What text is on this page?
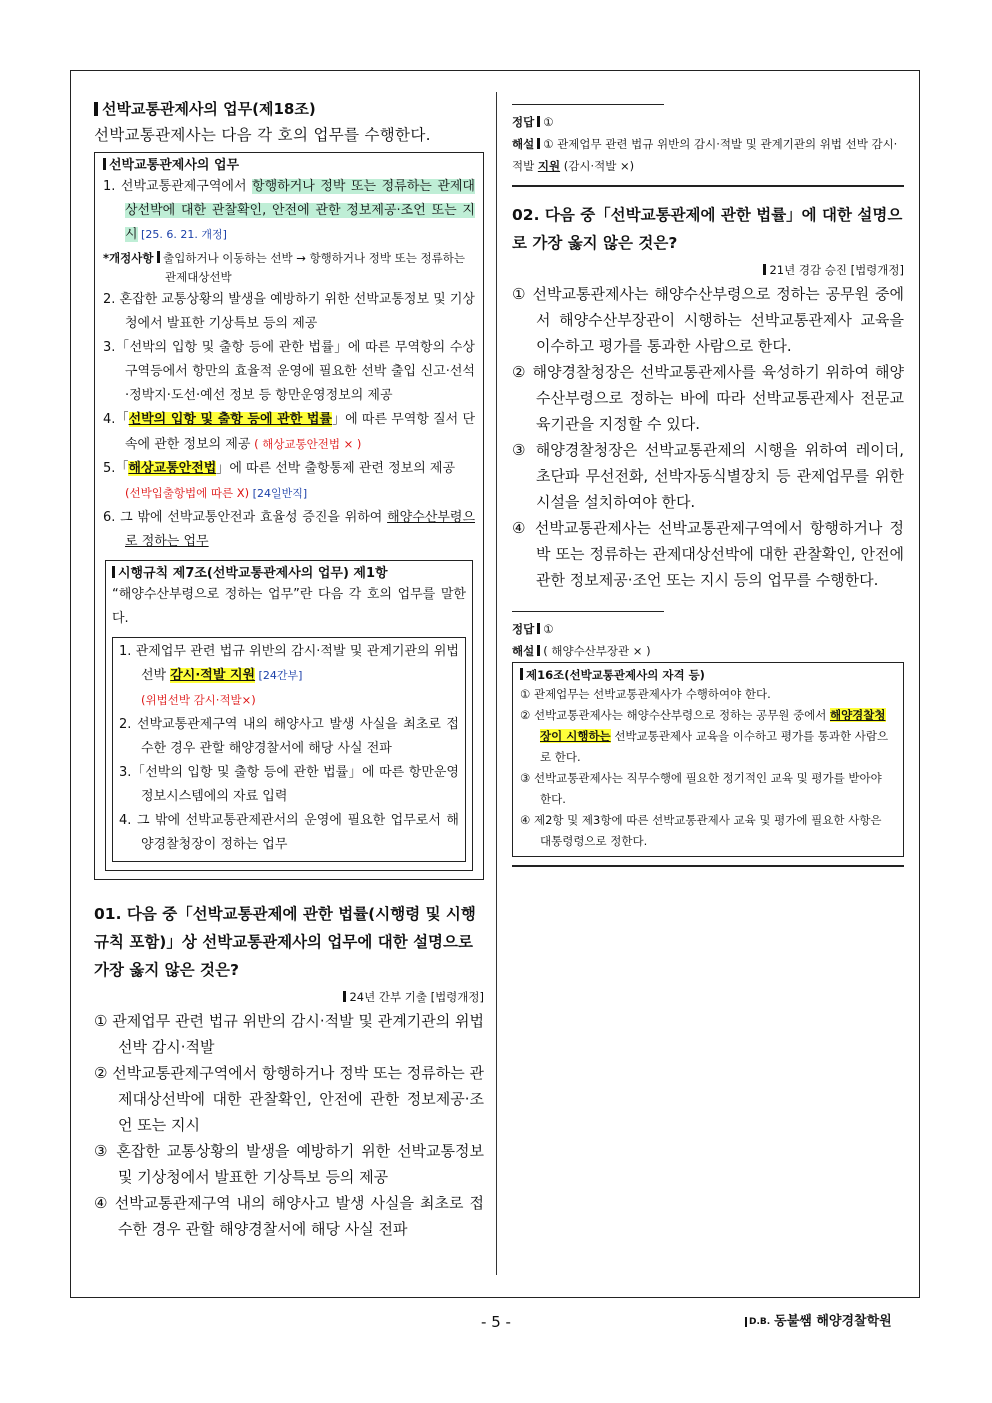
선박교통관제사의 업무(제18조)
선박교통관제사는 다음 각 호의 업무를 수행한다.
선박교통관제사의 업무
1. 선박교통관제구역에서 항행하거나 정박 또는 정류하는 관제대상선박에 대한 관찰확인, 안전에 관한 정보제공·조언 또는 지시 [25. 6. 21. 개정]
*개정사항 출입하거나 이동하는 선박 → 항행하거나 정박 또는 정류하는 관제대상선박
2. 혼잡한 교통상황의 발생을 예방하기 위한 선박교통정보 및 기상청에서 발표한 기상특보 등의 제공
3.「선박의 입항 및 출항 등에 관한 법률」에 따른 무역항의 수상구역등에서 항만의 효율적 운영에 필요한 선박 출입 신고·선석·정박지·도선·예선 정보 등 항만운영정보의 제공
4.「선박의 입항 및 출항 등에 관한 법률」에 따른 무역항 질서 단속에 관한 정보의 제공 ( 해상교통안전법 × )
5.「해상교통안전법」에 따른 선박 출항통제 관련 정보의 제공
(선박입출항법에 따른 X) [24일반직]
6. 그 밖에 선박교통안전과 효율성 증진을 위하여 해양수산부령으로 정하는 업무
시행규칙 제7조(선박교통관제사의 업무) 제1항
“해양수산부령으로 정하는 업무”란 다음 각 호의 업무를 말한다.
1. 관제업무 관련 법규 위반의 감시·적발 및 관계기관의 위법 선박 감시·적발 지원 [24간부]
(위법선박 감시·적발×)
2. 선박교통관제구역 내의 해양사고 발생 사실을 최초로 접수한 경우 관할 해양경찰서에 해당 사실 전파
3.「선박의 입항 및 출항 등에 관한 법률」에 따른 항만운영정보시스템에의 자료 입력
4. 그 밖에 선박교통관제관서의 운영에 필요한 업무로서 해양경찰청장이 정하는 업무
01. 다음 중「선박교통관제에 관한 법률(시행령 및 시행규칙 포함)」상 선박교통관제사의 업무에 대한 설명으로 가장 옳지 않은 것은?
24년 간부 기출 [법령개정]
① 관제업무 관련 법규 위반의 감시·적발 및 관계기관의 위법 선박 감시·적발
② 선박교통관제구역에서 항행하거나 정박 또는 정류하는 관제대상선박에 대한 관찰확인, 안전에 관한 정보제공·조언 또는 지시
③ 혼잡한 교통상황의 발생을 예방하기 위한 선박교통정보 및 기상청에서 발표한 기상특보 등의 제공
④ 선박교통관제구역 내의 해양사고 발생 사실을 최초로 접수한 경우 관할 해양경찰서에 해당 사실 전파
정답 ①
해설 ① 관제업무 관련 법규 위반의 감시·적발 및 관계기관의 위법 선박 감시·적발 지원 (감시·적발 ×)
02. 다음 중「선박교통관제에 관한 법률」에 대한 설명으로 가장 옳지 않은 것은?
21년 경감 승진 [법령개정]
① 선박교통관제사는 해양수산부령으로 정하는 공무원 중에서 해양수산부장관이 시행하는 선박교통관제사 교육을 이수하고 평가를 통과한 사람으로 한다.
② 해양경찰청장은 선박교통관제사를 육성하기 위하여 해양수산부령으로 정하는 바에 따라 선박교통관제사 전문교육기관을 지정할 수 있다.
③ 해양경찰청장은 선박교통관제의 시행을 위하여 레이더, 초단파 무선전화, 선박자동식별장치 등 관제업무를 위한 시설을 설치하여야 한다.
④ 선박교통관제사는 선박교통관제구역에서 항행하거나 정박 또는 정류하는 관제대상선박에 대한 관찰확인, 안전에 관한 정보제공·조언 또는 지시 등의 업무를 수행한다.
정답 ①
해설 ( 해양수산부장관 × )
제16조(선박교통관제사의 자격 등)
① 관제업무는 선박교통관제사가 수행하여야 한다.
② 선박교통관제사는 해양수산부령으로 정하는 공무원 중에서 해양경찰청장이 시행하는 선박교통관제사 교육을 이수하고 평가를 통과한 사람으로 한다.
③ 선박교통관제사는 직무수행에 필요한 정기적인 교육 및 평가를 받아야 한다.
④ 제2항 및 제3항에 따른 선박교통관제사 교육 및 평가에 필요한 사항은 대통령령으로 정한다.
- 5 -	D.B. 동불쌤 해양경찰학원
